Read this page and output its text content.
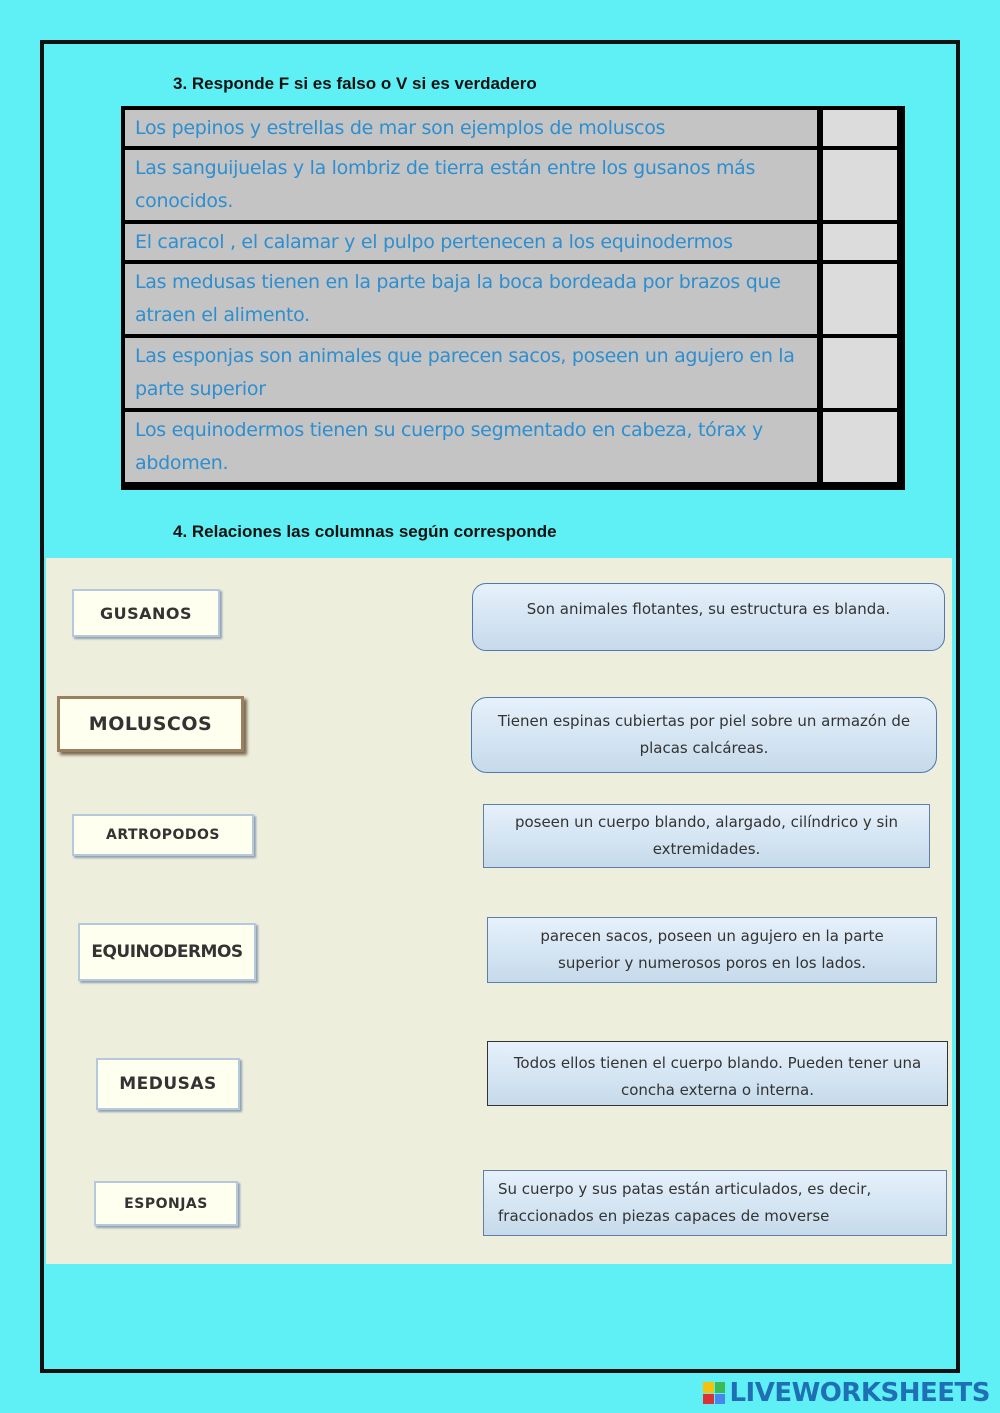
3. Responde F si es falso o V si es verdadero
Los pepinos y estrellas de mar son ejemplos de moluscos
Las sanguijuelas y la lombriz de tierra están entre los gusanos más conocidos.
El caracol , el calamar y el pulpo pertenecen a los equinodermos
Las medusas tienen en la parte baja la boca bordeada por brazos que atraen el alimento.
Las esponjas son animales que parecen sacos, poseen un agujero en la parte superior
Los equinodermos tienen su cuerpo segmentado en cabeza, tórax y abdomen.
4. Relaciones las columnas según corresponde
GUSANOS
MOLUSCOS
ARTROPODOS
EQUINODERMOS
MEDUSAS
ESPONJAS
Son animales flotantes, su estructura es blanda.
Tienen espinas cubiertas por piel sobre un armazón de placas calcáreas.
poseen un cuerpo blando, alargado, cilíndrico y sin extremidades.
parecen sacos, poseen un agujero en la parte superior y numerosos poros en los lados.
Todos ellos tienen el cuerpo blando. Pueden tener una concha externa o interna.
Su cuerpo y sus patas están articulados, es decir, fraccionados en piezas capaces de moverse
LIVEWORKSHEETS
